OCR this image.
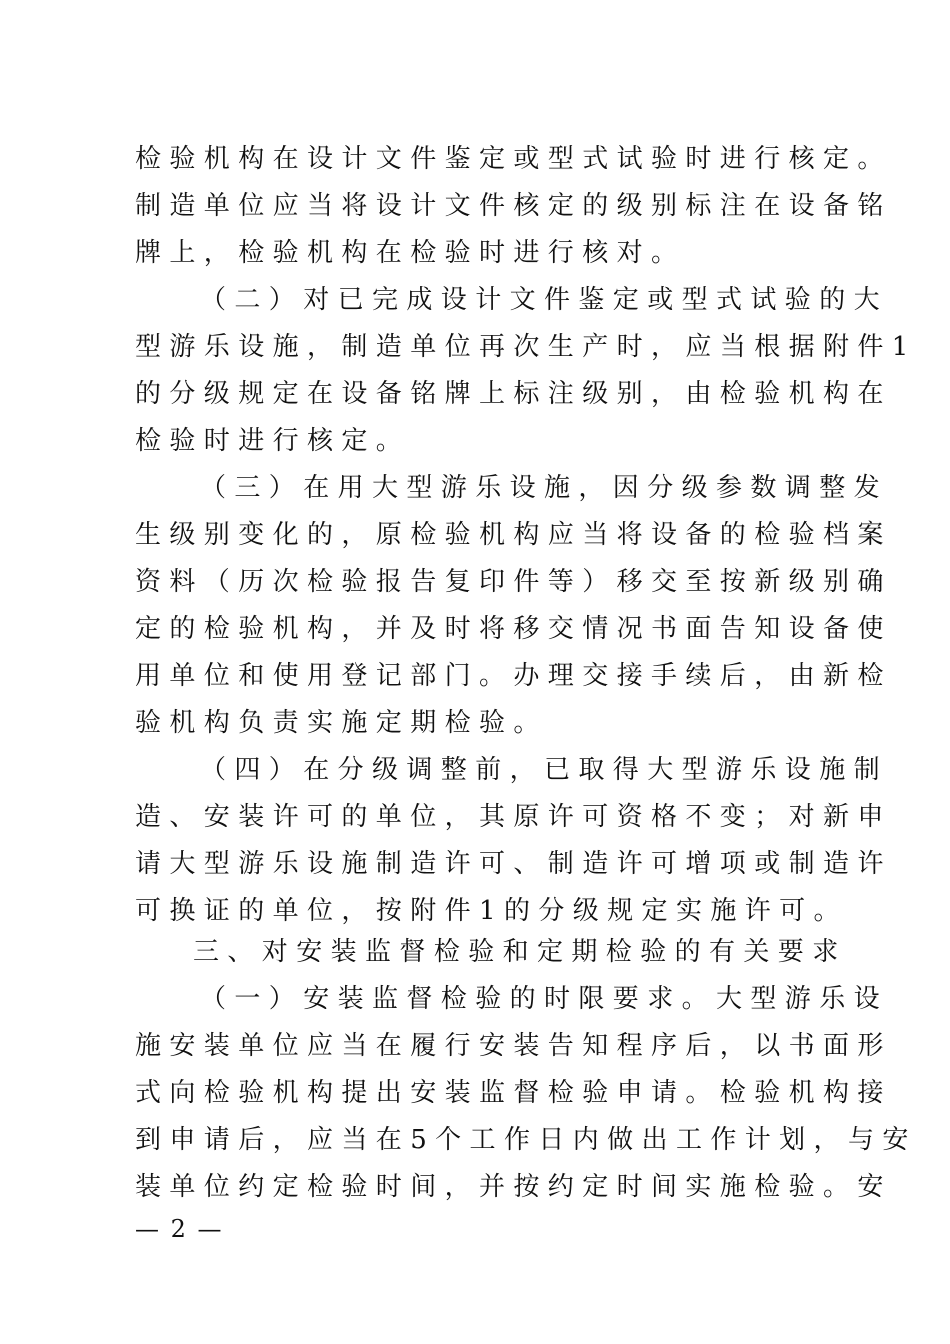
检验机构在设计文件鉴定或型式试验时进行核定。
制造单位应当将设计文件核定的级别标注在设备铭
牌上，检验机构在检验时进行核对。
（二）对已完成设计文件鉴定或型式试验的大
型游乐设施，制造单位再次生产时，应当根据附件1
的分级规定在设备铭牌上标注级别，由检验机构在
检验时进行核定。
（三）在用大型游乐设施，因分级参数调整发
生级别变化的，原检验机构应当将设备的检验档案
资料（历次检验报告复印件等）移交至按新级别确
定的检验机构，并及时将移交情况书面告知设备使
用单位和使用登记部门。办理交接手续后，由新检
验机构负责实施定期检验。
（四）在分级调整前，已取得大型游乐设施制
造、安装许可的单位，其原许可资格不变；对新申
请大型游乐设施制造许可、制造许可增项或制造许
可换证的单位，按附件1的分级规定实施许可。
三、对安装监督检验和定期检验的有关要求
（一）安装监督检验的时限要求。大型游乐设
施安装单位应当在履行安装告知程序后，以书面形
式向检验机构提出安装监督检验申请。检验机构接
到申请后，应当在5个工作日内做出工作计划，与安
装单位约定检验时间，并按约定时间实施检验。安
— 2 —
